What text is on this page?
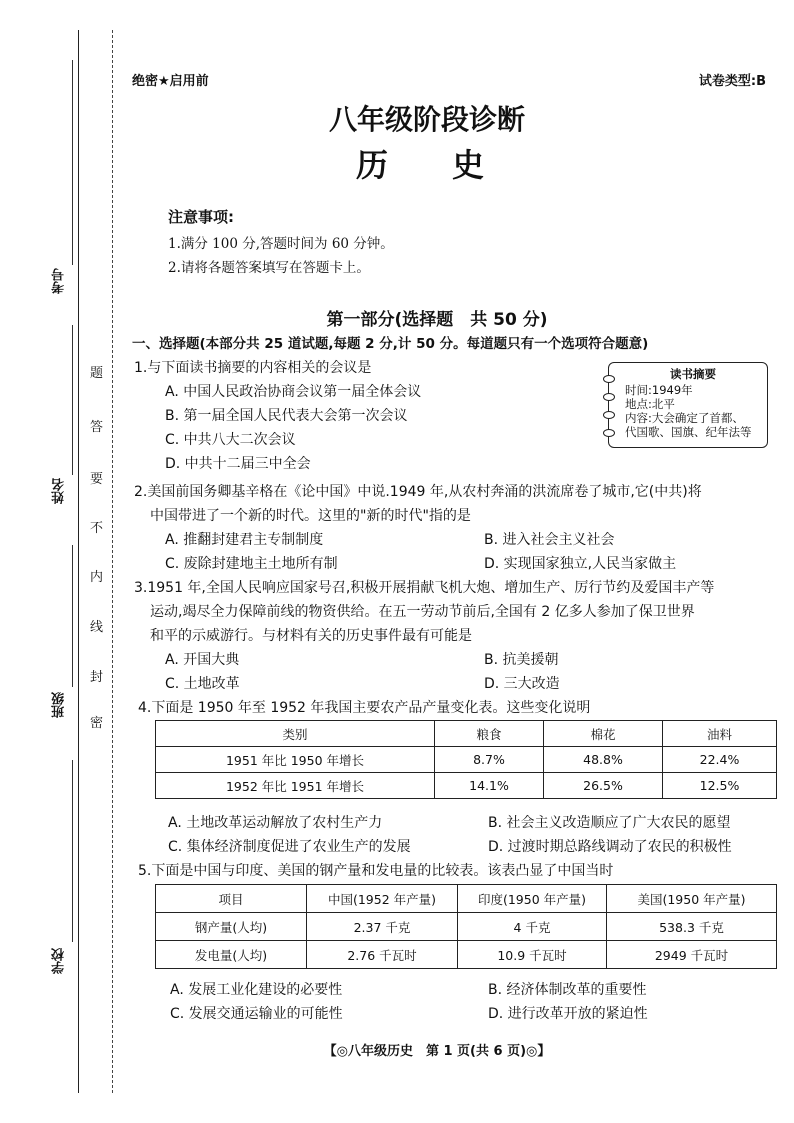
考号
姓名
班级
学校
题
答
要
不
内
线
封
密
绝密★启用前	试卷类型:B
八年级阶段诊断
历史
注意事项:
1.满分 100 分,答题时间为 60 分钟。
2.请将各题答案填写在答题卡上。
第一部分(选择题　共 50 分)
一、选择题(本部分共 25 道试题,每题 2 分,计 50 分。每道题只有一个选项符合题意)
1.与下面读书摘要的内容相关的会议是
A. 中国人民政治协商会议第一届全体会议
B. 第一届全国人民代表大会第一次会议
C. 中共八大二次会议
D. 中共十二届三中全会
读书摘要
时间:1949年
地点:北平
内容:大会确定了首都、
代国歌、国旗、纪年法等
2.美国前国务卿基辛格在《论中国》中说.1949 年,从农村奔涌的洪流席卷了城市,它(中共)将
中国带进了一个新的时代。这里的"新的时代"指的是
A. 推翻封建君主专制制度	B. 进入社会主义社会
C. 废除封建地主土地所有制	D. 实现国家独立,人民当家做主
3.1951 年,全国人民响应国家号召,积极开展捐献飞机大炮、增加生产、厉行节约及爱国丰产等
运动,竭尽全力保障前线的物资供给。在五一劳动节前后,全国有 2 亿多人参加了保卫世界
和平的示威游行。与材料有关的历史事件最有可能是
A. 开国大典	B. 抗美援朝
C. 土地改革	D. 三大改造
4.下面是 1950 年至 1952 年我国主要农产品产量变化表。这些变化说明
类别	粮食	棉花	油料
1951 年比 1950 年增长	8.7%	48.8%	22.4%
1952 年比 1951 年增长	14.1%	26.5%	12.5%
A. 土地改革运动解放了农村生产力	B. 社会主义改造顺应了广大农民的愿望
C. 集体经济制度促进了农业生产的发展	D. 过渡时期总路线调动了农民的积极性
5.下面是中国与印度、美国的钢产量和发电量的比较表。该表凸显了中国当时
项目	中国(1952 年产量)	印度(1950 年产量)	美国(1950 年产量)
钢产量(人均)	2.37 千克	4 千克	538.3 千克
发电量(人均)	2.76 千瓦时	10.9 千瓦时	2949 千瓦时
A. 发展工业化建设的必要性	B. 经济体制改革的重要性
C. 发展交通运输业的可能性	D. 进行改革开放的紧迫性
【◎八年级历史　第 1 页(共 6 页)◎】
